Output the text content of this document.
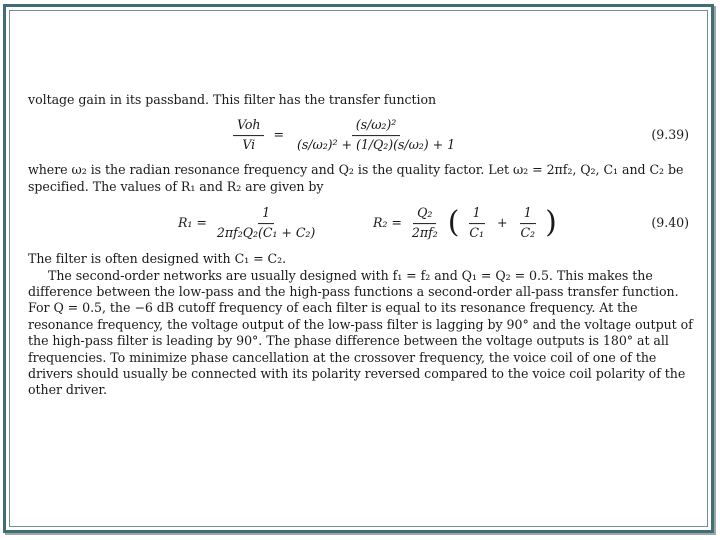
voltage gain in its passband. This filter has the transfer function

$\frac{\text{Voh}}{Vi} = \frac{\text{(s/ω₂)²}}{\text{(s/ω₂)² + (1/Q₂)(s/ω₂) + 1}}$	(9.39)

where ω₂ is the radian resonance frequency and Q₂ is the quality factor. Let ω₂ = 2πf₂, Q₂, C₁ and C₂ be specified. The values of R₁ and R₂ are given by

$R_1 = \frac{1}{\text{2πf₂Q₂(C₁ + C₂)}}$	$R_2 = \frac{\text{Q₂}}{\text{2πf₂}}$ ( $\frac{1}{\text{C₁}} + \frac{1}{\text{C₂}}$ )	(9.40)

The filter is often designed with C₁ = C₂.

The second-order networks are usually designed with f₁ = f₂ and Q₁ = Q₂ = 0.5. This makes the difference between the low-pass and the high-pass functions a second-order all-pass transfer function. For Q = 0.5, the −6 dB cutoff frequency of each filter is equal to its resonance frequency. At the resonance frequency, the voltage output of the low-pass filter is lagging by 90° and the voltage output of the high-pass filter is leading by 90°. The phase difference between the voltage outputs is 180° at all frequencies. To minimize phase cancellation at the crossover frequency, the voice coil of one of the drivers should usually be connected with its polarity reversed compared to the voice coil polarity of the other driver.
